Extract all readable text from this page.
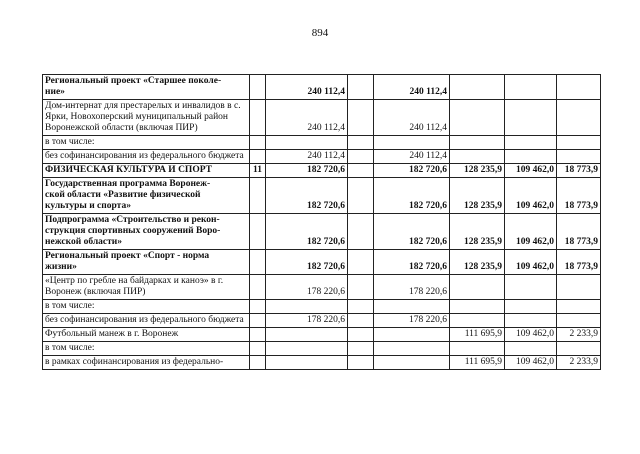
894
Региональный проект «Старшее поколе-
ние»		240 112,4		240 112,4			
Дом-интернат для престарелых и инвалидов в с. Ярки, Новохоперский муниципальный район Воронежской области (включая ПИР)		240 112,4		240 112,4			
в том числе:							
без софинансирования из федерального бюджета		240 112,4		240 112,4			
ФИЗИЧЕСКАЯ КУЛЬТУРА И СПОРТ	11	182 720,6		182 720,6	128 235,9	109 462,0	18 773,9
Государственная программа Воронеж-
ской области «Развитие физической
культуры и спорта»		182 720,6		182 720,6	128 235,9	109 462,0	18 773,9
Подпрограмма «Строительство и рекон-
струкция спортивных сооружений Воро-
нежской области»		182 720,6		182 720,6	128 235,9	109 462,0	18 773,9
Региональный проект «Спорт - норма
жизни»		182 720,6		182 720,6	128 235,9	109 462,0	18 773,9
«Центр по гребле на байдарках и каноэ» в г. Воронеж (включая ПИР)		178 220,6		178 220,6			
в том числе:							
без софинансирования из федерального бюджета		178 220,6		178 220,6			
Футбольный манеж в г. Воронеж					111 695,9	109 462,0	2 233,9
в том числе:							
в рамках софинансирования из федерально-					111 695,9	109 462,0	2 233,9
